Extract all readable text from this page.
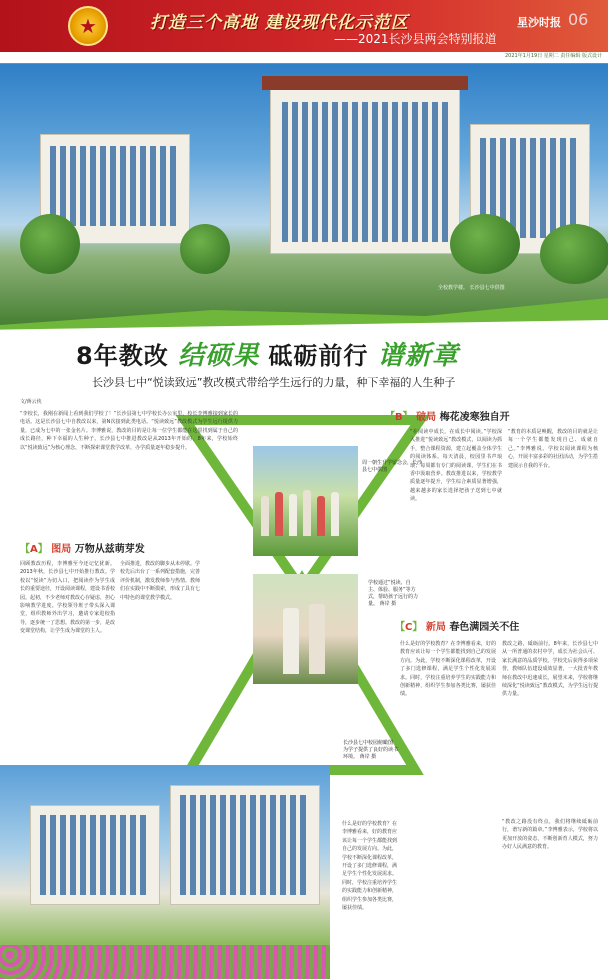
★	打造三个高地 建设现代化示范区
——2021长沙县两会特别报道
星沙时报 06
2021年1月19日 星期二 责任编辑 版式设计
全校教学楼。 长沙县七中供图
8年教改 结硕果 砥砺前行 谱新章
长沙县七中“悦读致远”教改模式带给学生远行的力量，种下幸福的人生种子
文/蒋云侠
“李校长，我刚在新闻上看到我们学校了！”长沙县第七中学校长办公室里，校长李博雅接到家长的电话。这是长沙县七中自教改以来，第N次接到此类电话。“悦读致远”教改模式为学生远行提供力量，已成为七中的一张金名片。李博雅说，教改的目的是让每一位学生都能在这里找到属于自己的成长路径，种下幸福的人生种子。长沙县七中推进教改是从2013年开始的，8年来，学校始终以“悦读致远”为核心理念，不断探索课堂教学改革，办学质量逐年稳步提升。
【A】 图局 万物从兹萌芽发
回顾教改历程，李博雅至今还记忆犹新。2013年秋，长沙县七中开始推行教改。学校以“悦读”为切入口，把阅读作为学生成长的重要途径，开设阅读课程，建设书香校园。起初，不少老师对教改心存疑虑，担心影响教学进度。学校领导班子带头深入课堂，组织教师外出学习，邀请专家进校指导，逐步统一了思想。教改的第一步，是改变课堂结构，让学生成为课堂的主人。
全面推进，教改的脚步从未停歇。学校先后出台了一系列配套措施，完善评价机制，激发教师参与热情。教师们在实践中不断摸索，形成了具有七中特色的课堂教学模式。
周一朝生升学留念会，长沙县七中供图
学校通过“悦读、自主、体验、服务”等方式，帮助孩子远行的力量。 蒋岸 摄
【B】 破局 梅花凌寒独自开
“在阅读中成长，在成长中阅读。”学校深入推进“悦读致远”教改模式，以阅读为抓手，整合课程资源，建立起覆盖全体学生的阅读体系。每天清晨，校园里书声琅琅；每周都有专门的阅读课，学生们在书香中汲取营养。教改推进以来，学校教学质量逐年提升，学生综合素质显著增强，越来越多的家长选择把孩子送到七中就读。
“教育的本质是唤醒，教改的目的就是让每一个学生都能发现自己、成就自己。”李博雅说。学校以阅读课程为核心，开展丰富多彩的社团活动，为学生搭建展示自我的平台。
【C】 新局 春色满园关不住
什么是好的学校教育？在李博雅看来，好的教育应该让每一个学生都能找到自己的发展方向。为此，学校不断深化课程改革，开设了多门选修课程，满足学生个性化发展需求。同时，学校注重培养学生的实践能力和创新精神，组织学生参加各类比赛，屡获佳绩。
教改之路，砥砺前行。8年来，长沙县七中从一所普通的农村中学，成长为社会认可、家长满意的品质学校。学校先后获得多项荣誉，教师队伍建设成效显著，一大批青年教师在教改中迅速成长。展望未来，学校将继续深化“悦读致远”教改模式，为学生远行提供力量。
“教改之路没有终点，我们将继续砥砺前行，谱写新的篇章。”李博雅表示，学校将以更加开放的姿态，不断创新育人模式，努力办好人民满意的教育。
什么是好的学校教育？在李博雅看来，好的教育应该让每一个学生都能找到自己的发展方向。为此，学校不断深化课程改革，开设了多门选修课程，满足学生个性化发展需求。同时，学校注重培养学生的实践能力和创新精神，组织学生参加各类比赛，屡获佳绩。
长沙县七中校园俯瞰图 为学子提供了良好的读书环境。 蒋岸 摄
